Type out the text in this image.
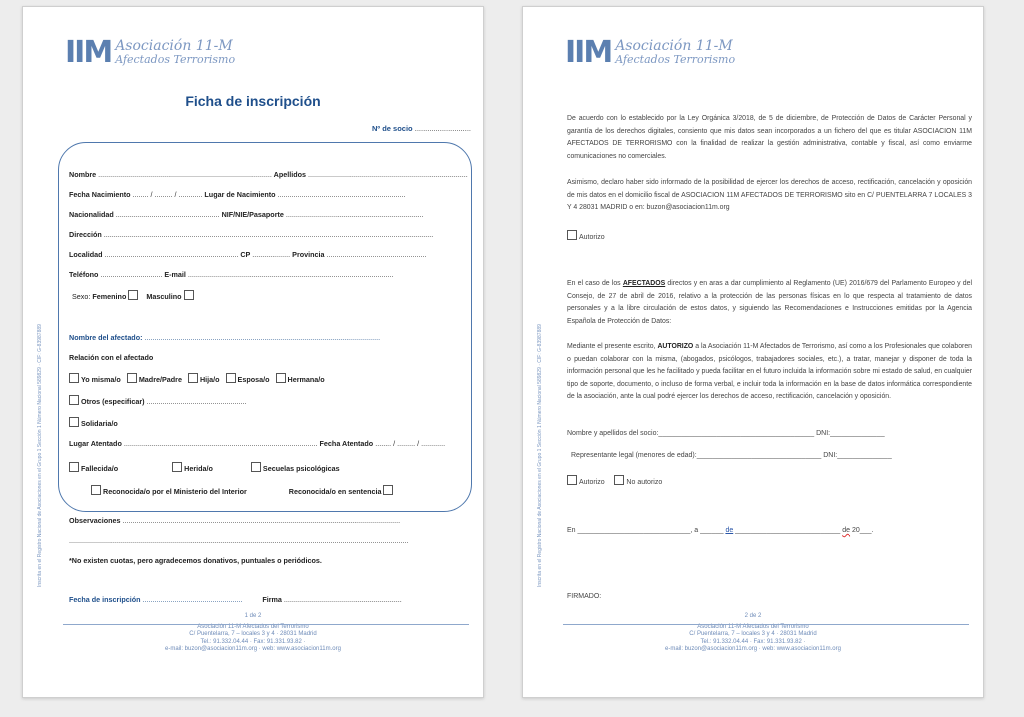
IIM Asociación 11-M
Afectados Terrorismo
Inscrita en el Registro Nacional de Asociaciones en el Grupo 1 Sección 1 Número Nacional 589829 · CIF: G-83987889
Ficha de inscripción
Nº de socio ...........................
Nombre ....................................................................................... Apellidos ................................................................................
Fecha Nacimiento ........ / ......... / ............ Lugar de Nacimiento ................................................................
Nacionalidad .................................................... NIF/NIE/Pasaporte .....................................................................
Dirección .....................................................................................................................................................................
Localidad ................................................................... CP ................... Provincia ..................................................
Teléfono ............................... E-mail .......................................................................................................
Sexo: Femenino	Masculino
Nombre del afectado: ......................................................................................................................
Relación con el afectado
Yo misma/o	Madre/Padre	Hija/o	Esposa/o	Hermana/o
Otros (especificar) ..................................................
Solidaria/o
Lugar Atentado ................................................................................................. Fecha Atentado ........ / ......... / ............
Fallecida/o	Herida/o	Secuelas psicológicas
Reconocida/o por el Ministerio del Interior	Reconocida/o en sentencia
Observaciones ...........................................................................................................................................
..........................................................................................................................................................................
*No existen cuotas, pero agradecemos donativos, puntuales o periódicos.
Fecha de inscripción ..................................................	Firma ...........................................................
1 de 2
Asociación 11-M Afectados del Terrorismo
C/ Puentelarra, 7 – locales 3 y 4 · 28031 Madrid
Tel.: 91.332.04.44 · Fax: 91.331.93.82 ·
e-mail: buzon@asociacion11m.org · web: www.asociacion11m.org
IIM Asociación 11-M
Afectados Terrorismo
Inscrita en el Registro Nacional de Asociaciones en el Grupo 1 Sección 1 Número Nacional 589829 · CIF: G-83987889
De acuerdo con lo establecido por la Ley Orgánica 3/2018, de 5 de diciembre, de Protección de Datos de Carácter Personal y garantía de los derechos digitales, consiento que mis datos sean incorporados a un fichero del que es titular ASOCIACION 11M AFECTADOS DE TERRORISMO con la finalidad de realizar la gestión administrativa, contable y fiscal, así como enviarme comunicaciones no comerciales.
Asimismo, declaro haber sido informado de la posibilidad de ejercer los derechos de acceso, rectificación, cancelación y oposición de mis datos en el domicilio fiscal de ASOCIACION 11M AFECTADOS DE TERRORISMO sito en C/ PUENTELARRA 7 LOCALES 3 Y 4 28031 MADRID o en: buzon@asociacion11m.org
Autorizo
En el caso de los AFECTADOS directos y en aras a dar cumplimiento al Reglamento (UE) 2016/679 del Parlamento Europeo y del Consejo, de 27 de abril de 2016, relativo a la protección de las personas físicas en lo que respecta al tratamiento de datos personales y a la libre circulación de estos datos, y siguiendo las Recomendaciones e Instrucciones emitidas por la Agencia Española de Protección de Datos:
Mediante el presente escrito, AUTORIZO a la Asociación 11-M Afectados de Terrorismo, así como a los Profesionales que colaboren o puedan colaborar con la misma, (abogados, psicólogos, trabajadores sociales, etc.), a tratar, manejar y disponer de toda la información personal que les he facilitado y pueda facilitar en el futuro incluida la información sobre mi estado de salud, en cualquier tipo de soporte, documento, o incluso de forma verbal, e incluir toda la información en la base de datos informática correspondiente de la asociación, ante la cual podré ejercer los derechos de acceso, rectificación, cancelación y oposición.
Nombre y apellidos del socio:________________________________________ DNI:______________
Representante legal (menores de edad):________________________________ DNI:______________
Autorizo	No autorizo
En _____________________________, a ______ de ___________________________ de 20___.
FIRMADO:
2 de 2
Asociación 11-M Afectados del Terrorismo
C/ Puentelarra, 7 – locales 3 y 4 · 28031 Madrid
Tel.: 91.332.04.44 · Fax: 91.331.93.82 ·
e-mail: buzon@asociacion11m.org · web: www.asociacion11m.org
